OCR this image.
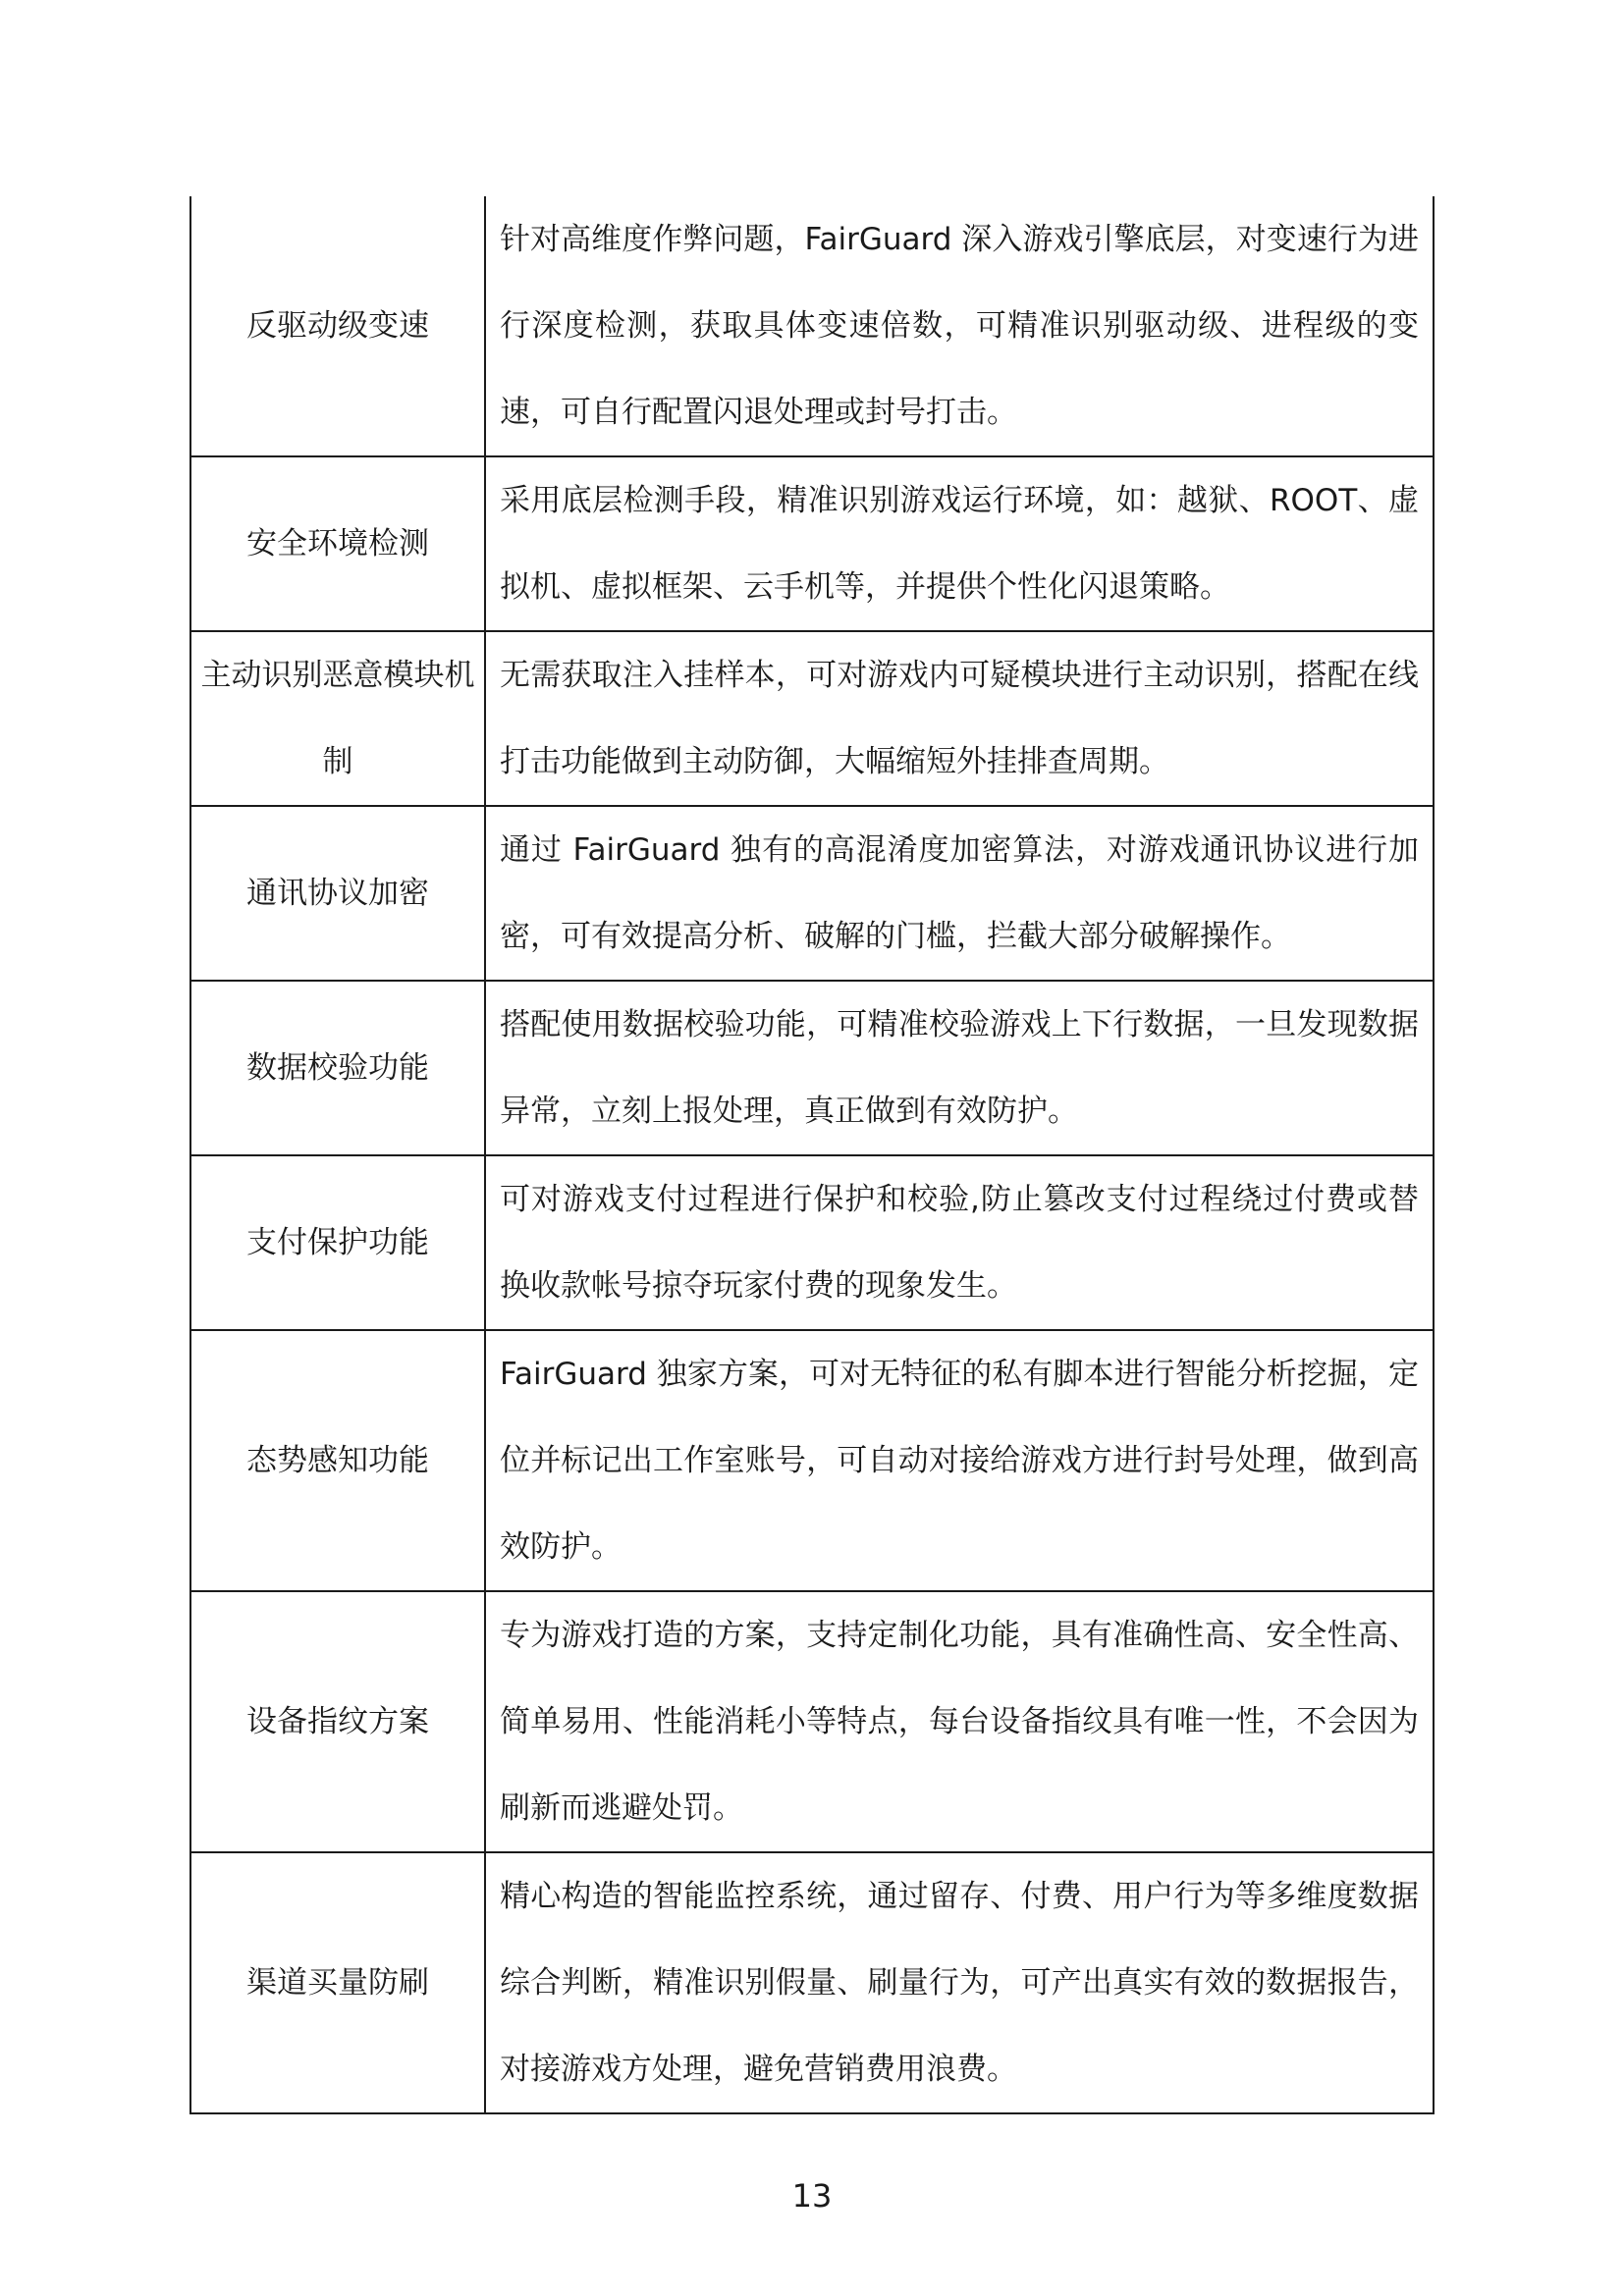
反驱动级变速	针对高维度作弊问题，FairGuard 深入游戏引擎底层，对变速行为进行深度检测，获取具体变速倍数，可精准识别驱动级、进程级的变速，可自行配置闪退处理或封号打击。
安全环境检测	采用底层检测手段，精准识别游戏运行环境，如：越狱、ROOT、虚拟机、虚拟框架、云手机等，并提供个性化闪退策略。
主动识别恶意模块机制	无需获取注入挂样本，可对游戏内可疑模块进行主动识别，搭配在线打击功能做到主动防御，大幅缩短外挂排查周期。
通讯协议加密	通过 FairGuard 独有的高混淆度加密算法，对游戏通讯协议进行加密，可有效提高分析、破解的门槛，拦截大部分破解操作。
数据校验功能	搭配使用数据校验功能，可精准校验游戏上下行数据，一旦发现数据异常，立刻上报处理，真正做到有效防护。
支付保护功能	可对游戏支付过程进行保护和校验,防止篡改支付过程绕过付费或替换收款帐号掠夺玩家付费的现象发生。
态势感知功能	FairGuard 独家方案，可对无特征的私有脚本进行智能分析挖掘，定位并标记出工作室账号，可自动对接给游戏方进行封号处理，做到高效防护。
设备指纹方案	专为游戏打造的方案，支持定制化功能，具有准确性高、安全性高、简单易用、性能消耗小等特点，每台设备指纹具有唯一性，不会因为刷新而逃避处罚。
渠道买量防刷	精心构造的智能监控系统，通过留存、付费、用户行为等多维度数据综合判断，精准识别假量、刷量行为，可产出真实有效的数据报告，对接游戏方处理，避免营销费用浪费。
13
